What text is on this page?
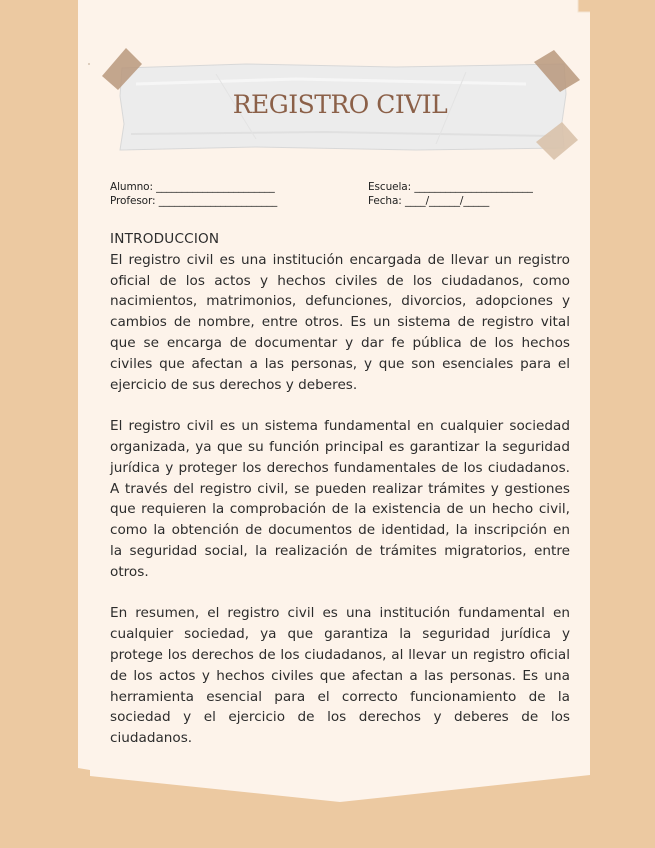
REGISTRO CIVIL
Alumno: _______________________	Escuela: _______________________
Profesor: _______________________	Fecha: ____/______/_____

INTRODUCCION

El registro civil es una institución encargada de llevar un registro oficial de los actos y hechos civiles de los ciudadanos, como nacimientos, matrimonios, defunciones, divorcios, adopciones y cambios de nombre, entre otros. Es un sistema de registro vital que se encarga de documentar y dar fe pública de los hechos civiles que afectan a las personas, y que son esenciales para el ejercicio de sus derechos y deberes.

El registro civil es un sistema fundamental en cualquier sociedad organizada, ya que su función principal es garantizar la seguridad jurídica y proteger los derechos fundamentales de los ciudadanos. A través del registro civil, se pueden realizar trámites y gestiones que requieren la comprobación de la existencia de un hecho civil, como la obtención de documentos de identidad, la inscripción en la seguridad social, la realización de trámites migratorios, entre otros.

En resumen, el registro civil es una institución fundamental en cualquier sociedad, ya que garantiza la seguridad jurídica y protege los derechos de los ciudadanos, al llevar un registro oficial de los actos y hechos civiles que afectan a las personas. Es una herramienta esencial para el correcto funcionamiento de la sociedad y el ejercicio de los derechos y deberes de los ciudadanos.
